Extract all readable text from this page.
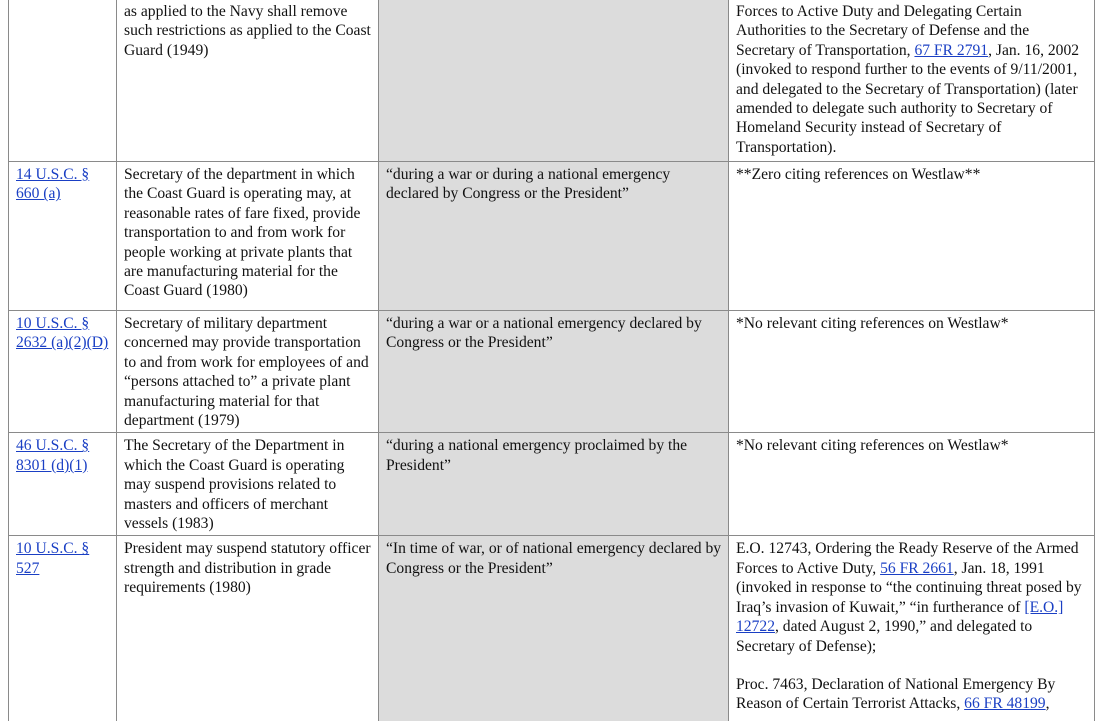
	as applied to the Navy shall remove such restrictions as applied to the Coast Guard (1949)		Forces to Active Duty and Delegating Certain Authorities to the Secretary of Defense and the Secretary of Transportation, 67 FR 2791, Jan. 16, 2002 (invoked to respond further to the events of 9/11/2001, and delegated to the Secretary of Transportation) (later amended to delegate such authority to Secretary of Homeland Security instead of Secretary of Transportation).
14 U.S.C. § 660 (a)	Secretary of the department in which the Coast Guard is operating may, at reasonable rates of fare fixed, provide transportation to and from work for people working at private plants that are manufacturing material for the Coast Guard (1980)	“during a war or during a national emergency declared by Congress or the President”	**Zero citing references on Westlaw**
10 U.S.C. § 2632 (a)(2)(D)	Secretary of military department concerned may provide transportation to and from work for employees of and “persons attached to” a private plant manufacturing material for that department (1979)	“during a war or a national emergency declared by Congress or the President”	*No relevant citing references on Westlaw*
46 U.S.C. § 8301 (d)(1)	The Secretary of the Department in which the Coast Guard is operating may suspend provisions related to masters and officers of merchant vessels (1983)	“during a national emergency proclaimed by the President”	*No relevant citing references on Westlaw*
10 U.S.C. § 527	President may suspend statutory officer strength and distribution in grade requirements (1980)	“In time of war, or of national emergency declared by Congress or the President”	E.O. 12743, Ordering the Ready Reserve of the Armed Forces to Active Duty, 56 FR 2661, Jan. 18, 1991 (invoked in response to “the continuing threat posed by Iraq’s invasion of Kuwait,” “in furtherance of [E.O.] 12722, dated August 2, 1990,” and delegated to Secretary of Defense);
Proc. 7463, Declaration of National Emergency By Reason of Certain Terrorist Attacks, 66 FR 48199,
